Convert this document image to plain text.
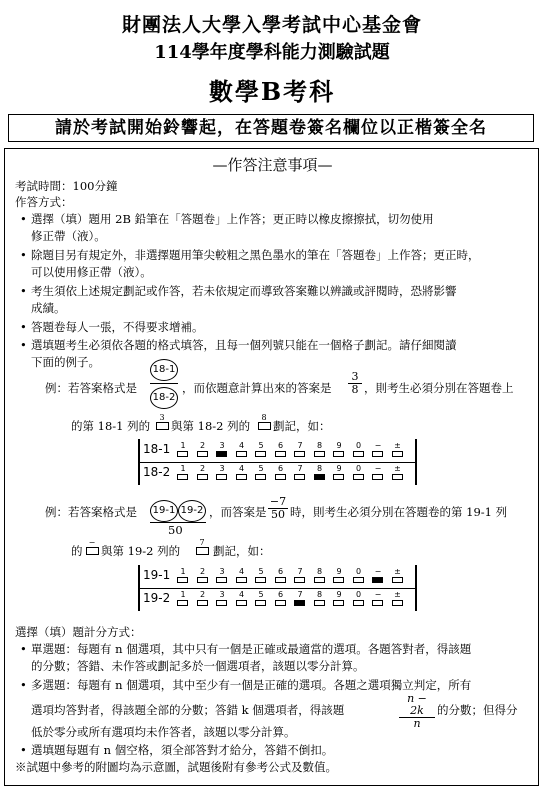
財團法人大學入學考試中心基金會
114學年度學科能力測驗試題
數學B考科
請於考試開始鈴響起，在答題卷簽名欄位以正楷簽全名
—作答注意事項—
考試時間：100分鐘
作答方式：
• 選擇（填）題用 2B 鉛筆在「答題卷」上作答；更正時以橡皮擦擦拭，切勿使用
修正帶（液）。
• 除題目另有規定外，非選擇題用筆尖較粗之黑色墨水的筆在「答題卷」上作答；更正時，
可以使用修正帶（液）。
• 考生須依上述規定劃記或作答，若未依規定而導致答案難以辨識或評閱時，恐將影響
成績。
• 答題卷每人一張，不得要求增補。
• 選填題考生必須依各題的格式填答，且每一個列號只能在一個格子劃記。請仔細閱讀
下面的例子。
例：若答案格式是
18-1
18-2
，而依題意計算出來的答案是 $\frac{3}{8}$ ，則考生必須分別在答題卷上
的第 18-1 列的
3
與第 18-2 列的
8
劃記，如：
18-1	1	2	3	4	5	6	7	8	9	0	−	±
18-2	1	2	3	4	5	6	7	8	9	0	−	±
例：若答案格式是 19-1 19-2
50
，而答案是 $\frac{-7}{50}$ 時，則考生必須分別在答題卷的第 19-1 列
的
−
與第 19-2 列的
7
劃記，如：
19-1	1	2	3	4	5	6	7	8	9	0	−	±
19-2	1	2	3	4	5	6	7	8	9	0	−	±
選擇（填）題計分方式：
• 單選題：每題有 n 個選項，其中只有一個是正確或最適當的選項。各題答對者，得該題
的分數；答錯、未作答或劃記多於一個選項者，該題以零分計算。
• 多選題：每題有 n 個選項，其中至少有一個是正確的選項。各題之選項獨立判定，所有
選項均答對者，得該題全部的分數；答錯 k 個選項者，得該題	$\frac{n - 2k}{n}$ 的分數；但得分
低於零分或所有選項均未作答者，該題以零分計算。
• 選填題每題有 n 個空格，須全部答對才給分，答錯不倒扣。
※試題中參考的附圖均為示意圖，試題後附有參考公式及數值。
